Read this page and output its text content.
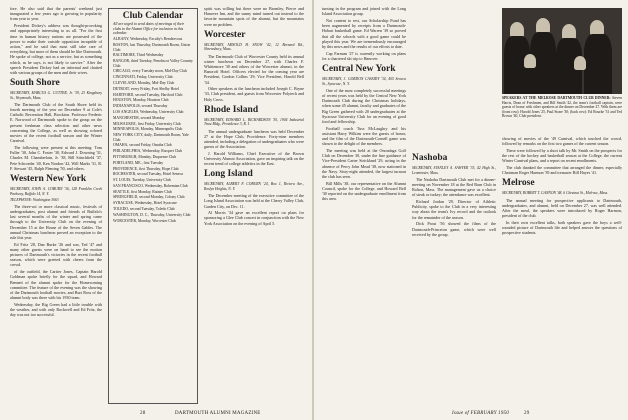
fore. He also said that the parents' weekend just inaugurated a few years ago is growing in popularity from year to year.

President Dickey's address was thought-provoking and appropriately interesting to us all. "For the first time in human history nations are possessed of the power to make their outside opposition incapable of action," and he said that most still take care of everything, but more of them should be like Dartmouth. He spoke of college, not as a service, but as something which, as he says, is not likely to survive." After the speech President Dickey had an informal and chatted with various groups of the men and their wives.

South Shore

SECRETARY, MARCUS G. CUTTER, Jr. '39, 23 Kingsbury St., Weymouth, Mass.

The Dartmouth Club of the South Shore held its fourth meeting of the year on December 9 at Cole's Catholic Recreation Hall, Brockton. Professor Frederic E. Norwood of Dartmouth spoke to the group on the present freshman class selection and other news concerning the College, as well as showing colored movies of the recent football season and the Winter Carnival.

The following were present at this meeting: Tom Fuller '30, John C. Foster '30, Edward J. Downing '31, Charles M. Chamberlain, Jr. '38, Bill Stinchfield '37, Pete Schroeder '40, Ken Nordon '42, Will Marks '31, R. F. Stewart '45, Ralph Fleming '50, and others.

Western New York

SECRETARY, JOHN A. COBURN '36, 128 Franklin Creek Parkway, Buffalo 14, N. Y.

TELEPHONE: Washington 3063

The three-act or more classical music, festivals of undergraduates, post alumni and friends of Buffalo's last several months of the winter and spring came through to the University Club on the evening of December 15 at the House of the Seven Gables. The annual Christmas luncheon proved an exception to the rule this year.

Ed Fritz '28, Dan Burke '26 and son, Ted '47 and many other guests were on hand to see the motion pictures of Dartmouth's victories in the recent football season, which were greeted with cheers from the crowd.

of the outfield, the Cartier Jones, Captain Harold Goldman spoke briefly for the squad, and Howard Bennett of the alumni spoke for the Homecoming committee. The feature of the evening was the showing of the Dartmouth football movies, and Burt Ross of the alumni body was there with his 1930 team.

Wednesday, the Big Green had a little trouble with the weather, and with only Rockwell and Ed Fritz, the day was not too successful.

Club Calendar

All are urged to send dates of meetings of their clubs to the Alumni Office for inclusion in this calendar.

ALBANY, Wednesday, Faculty's Rendezvous

BOSTON, last Thursday, Dartmouth Room, Union Club

BALTIMORE, Third Wednesday

BANGOR, third Tuesday, Penobscot Valley Country Club

CHICAGO, every Tuesday noon, Mid-Day Club

CINCINNATI, Friday, University Club

CLEVELAND, Monday, Mid-Day Club

DETROIT, every Friday, Fort Shelby Hotel

HARTFORD, second Tuesday, Hartford Club

HOUSTON, Monday, Houston Club

INDIANAPOLIS, second Thursday

LOS ANGELES, Wednesday, University Club

MANCHESTER, second Monday

MILWAUKEE, first Friday, University Club

MINNEAPOLIS, Monday, Minneapolis Club

NEW YORK CITY, daily, Dartmouth Room, Yale Club

OMAHA, second Friday, Omaha Club

PHILADELPHIA, Wednesday, Racquet Club

PITTSBURGH, Monday, Duquesne Club

PORTLAND, ME., first Tuesday

PROVIDENCE, first Thursday, Hope Club

ROCHESTER, second Tuesday, Hotel Seneca

ST. LOUIS, Tuesday, University Club

SAN FRANCISCO, Wednesday, Bohemian Club

SEATTLE, first Monday, Rainier Club

SPRINGFIELD, second Monday, Colony Club

SYRACUSE, Wednesday, Hotel Syracuse

TOLEDO, second Tuesday, Toledo Club

WASHINGTON, D. C., Thursday, University Club

WORCESTER, Monday, Worcester Club

spirit was willing but there were no Bromley, Pierce and Hanover Inn, and the sunny mind turned out instead to the favorite mountain spots of the alumni, but the mountains were no problem.

Worcester

SECRETARY, ARNOLD H. SNOW '42, 12 Bernard Rd., Shrewsbury, Mass.

The Dartmouth Club of Worcester County held its annual winter luncheon on December 27, with Charles F. Whittemore '30 and others of the Worcester alumni, in the Bancroft Hotel. Officers elected for the coming year are President, Gordon Collins '29; Vice President, Harold Bell '34.

Other speakers at the luncheon included Joseph C. Bryne '33, Club president, and guests from Worcester Polytech and Holy Cross.

Rhode Island

SECRETARY, EDWARD L. RICHARDSON '30, 1904 Industrial Trust Bldg., Providence 3, R. I.

The annual undergraduate luncheon was held December 27 at the Hope Club, Providence. Forty-nine members attended, including a delegation of undergraduates who were guests of the Association.

J. Harold Williams, Chief Executive of the Brown University Alumni Association, gave an inspiring talk on the recent trend of college athletics in the East.

Long Island

SECRETARY, ALBERT F. COBURN '24, Box 1, Riviera Ave., Roslyn Heights, N. Y.

The December meeting of the executive committee of the Long Island Association was held at the Cherry Valley Club, Garden City, on Dec. 11.

Al Morris '34 gave an excellent report on plans for sponsoring a Glee Club concert in conjunction with the New York Association on the evening of April 5.

28	DARTMOUTH ALUMNI MAGAZINE

turning in the program and joined with the Long Island Association group.

Not content to rest, our Scholarship Fund has been augmented by receipts from a Dartmouth-Hobart basketball game. Ed Warren '39 so proved that all the schools with a good game could be played this year. We are tremendously encouraged by this news and the results of our efforts to date.

Cap Farnum '27 is currently working on plans for a chartered ski trip to Hanover.

Central New York

SECRETARY, J. GORDON CASSIDY '34, 405 Seneca St., Syracuse, N. Y.

One of the most completely successful meetings of recent years was held by the Central New York Dartmouth Club during the Christmas holidays, when some 45 alumni, faculty and graduates of the Big Green gathered with 20 undergraduates at the Syracuse University Club for an evening of good food and fellowship.

Football coach Tuss McLaughry and his assistant Harry Wilkins were the guests of honor, and the film of the Dartmouth-Cornell game was shown to the delight of the members.

The meeting was held at the Onondaga Golf Club on December 30, under the fine guidance of Vice-President Carter Strickland '29, acting in the absence of Percy John Mead '38, now stationed in the Navy. Sixty-eight attended, the largest turnout the club has seen.

Bill Mills '38, our representative on the Alumni Council, spoke for the College, and Howard Bell '30 reported on the undergraduate enrollment from this area.

Nashoba

SECRETARY, STANLEY A. SAWYER '33, 42 High St., Leominster, Mass.

The Nashoba Dartmouth Club met for a dinner-meeting on November 18 at the Red Barn Club in Bolton, Mass. The management gave us a choice of steak or turkey; the attendance was excellent.

Richard Jordan '29, Director of Athletic Publicity, spoke to the Club in a very interesting way about the team's Ivy record and the outlook for the remainder of the season.

Dick Prout '56 showed the films of the Dartmouth-Princeton game, which were well received by the group.

SPEAKERS AT THE MELROSE DARTMOUTH CLUB DINNER: Steven Harris, Dean of Freshmen, and Bill Smith '42, the team's football captain, were guests of honor with other speakers at the dinner on December 27. With them are (front row): Harold Jones '25, Paul Stone '30; (back row): Ed Rourke '31 and Ted Brown '40, Club president.

showing of movies of the '49 Carnival, which touched the crowd, followed by remarks on the first two games of the current season.

These were followed by a short talk by Mr. Smith on the prospects for the rest of the hockey and basketball season at the College, the current Winter Carnival plans, and a report on recent enrollments.

The club thanked the committee that arranged the dinner, especially Chairman Roger Harmon '39 and treasurer Bill Hayes '41.

Melrose

SECRETARY, ROBERT T. GANNON '48, 6 Chestnut St., Melrose, Mass.

The annual meeting for prospective applicants to Dartmouth, undergraduates, and alumni, held on December 27, was well attended. After the meal, the speakers were introduced by Roger Harmon, president of the club.

In their own excellent talks, both speakers gave the boys a well-rounded picture of Dartmouth life and helped answer the questions of prospective students.

Issue of FEBRUARY 1950	29
